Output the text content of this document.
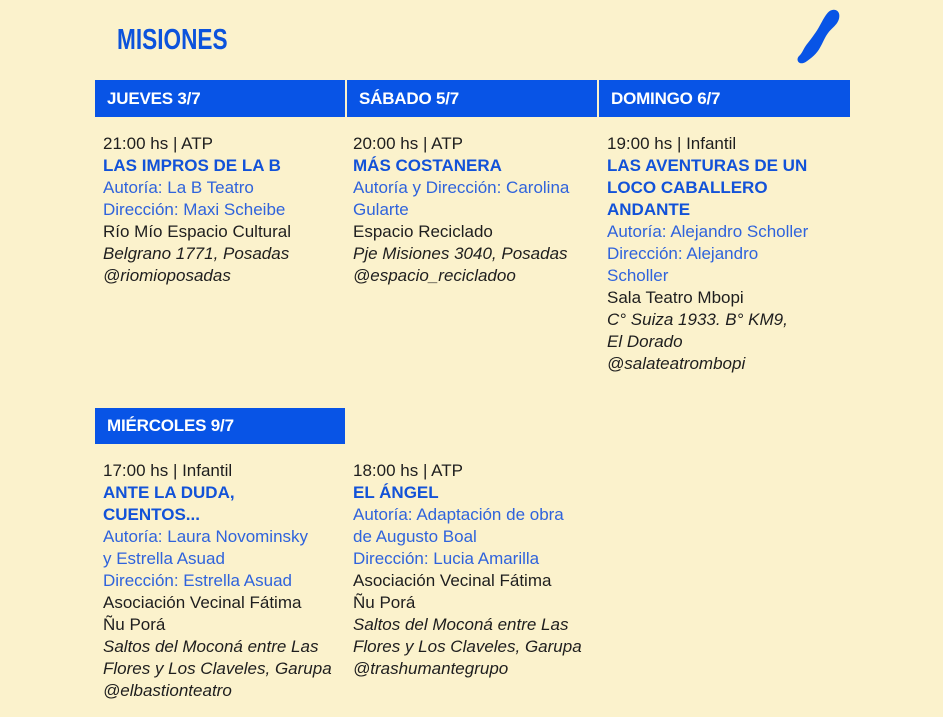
MISIONES
JUEVES 3/7	SÁBADO 5/7	DOMINGO 6/7
MIÉRCOLES 9/7
21:00 hs | ATP
LAS IMPROS DE LA B
Autoría: La B Teatro
Dirección: Maxi Scheibe
Río Mío Espacio Cultural
Belgrano 1771, Posadas
@riomioposadas
20:00 hs | ATP
MÁS COSTANERA
Autoría y Dirección: Carolina
Gularte
Espacio Reciclado
Pje Misiones 3040, Posadas
@espacio_recicladoo
19:00 hs | Infantil
LAS AVENTURAS DE UN
LOCO CABALLERO
ANDANTE
Autoría: Alejandro Scholler
Dirección: Alejandro
Scholler
Sala Teatro Mbopi
C° Suiza 1933. B° KM9,
El Dorado
@salateatrombopi
17:00 hs | Infantil
ANTE LA DUDA,
CUENTOS...
Autoría: Laura Novominsky
y Estrella Asuad
Dirección: Estrella Asuad
Asociación Vecinal Fátima
Ñu Porá
Saltos del Moconá entre Las
Flores y Los Claveles, Garupa
@elbastionteatro
18:00 hs | ATP
EL ÁNGEL
Autoría: Adaptación de obra
de Augusto Boal
Dirección: Lucia Amarilla
Asociación Vecinal Fátima
Ñu Porá
Saltos del Moconá entre Las
Flores y Los Claveles, Garupa
@trashumantegrupo
